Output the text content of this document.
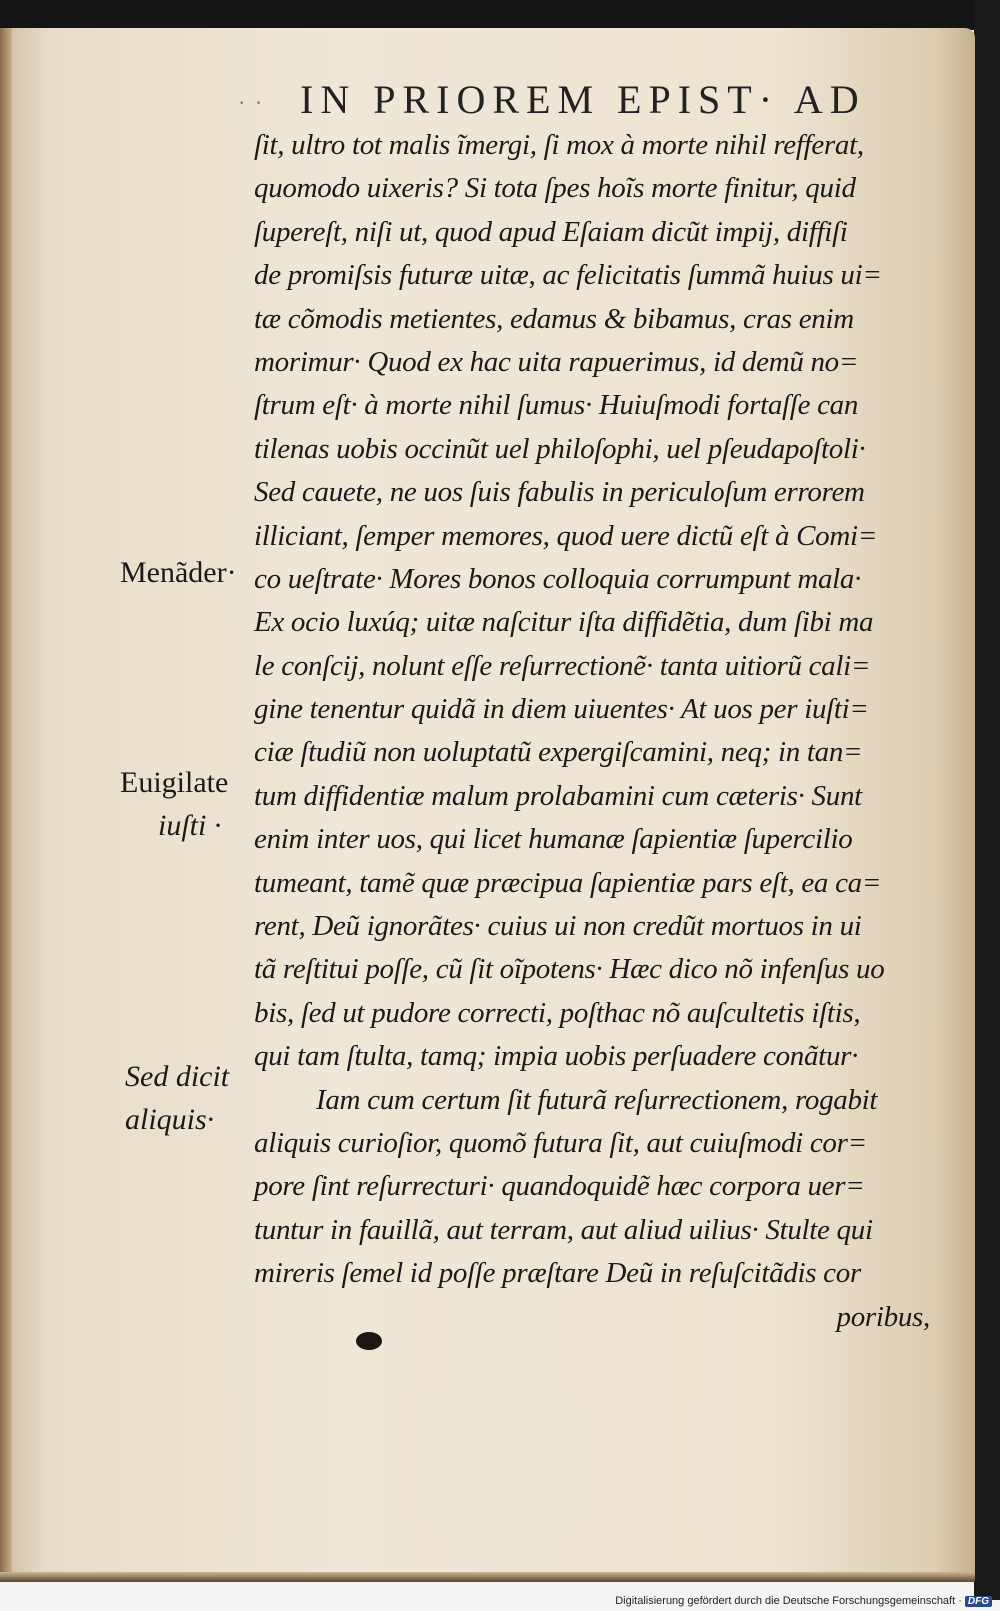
· · IN PRIOREM EPIST· AD
ſit, ultro tot malis ĩmergi, ſi mox à morte nihil refferat,
quomodo uixeris? Si tota ſpes hoĩs morte finitur, quid
ſupereſt, niſi ut, quod apud Eſaiam dicũt impij, diffiſi
de promiſsis futuræ uitæ, ac felicitatis ſummã huius ui=
tæ cõmodis metientes, edamus & bibamus, cras enim
morimur· Quod ex hac uita rapuerimus, id demũ no=
ſtrum eſt· à morte nihil ſumus· Huiuſmodi fortaſſe can
tilenas uobis occinũt uel philoſophi, uel pſeudapoſtoli·
Sed cauete, ne uos ſuis fabulis in periculoſum errorem
illiciant, ſemper memores, quod uere dictũ eſt à Comi=
co ueſtrate· Mores bonos colloquia corrumpunt mala·
Ex ocio luxúq; uitæ naſcitur iſta diffidẽtia, dum ſibi ma
le conſcij, nolunt eſſe reſurrectionẽ· tanta uitiorũ cali=
gine tenentur quidã in diem uiuentes· At uos per iuſti=
ciæ ſtudiũ non uoluptatũ expergiſcamini, neq; in tan=
tum diffidentiæ malum prolabamini cum cæteris· Sunt
enim inter uos, qui licet humanæ ſapientiæ ſupercilio
tumeant, tamẽ quæ præcipua ſapientiæ pars eſt, ea ca=
rent, Deũ ignorãtes· cuius ui non credũt mortuos in ui
tã reſtitui poſſe, cũ ſit oĩpotens· Hæc dico nõ infenſus uo
bis, ſed ut pudore correcti, poſthac nõ auſcultetis iſtis,
qui tam ſtulta, tamq; impia uobis perſuadere conãtur·
Iam cum certum ſit futurã reſurrectionem, rogabit
aliquis curioſior, quomõ futura ſit, aut cuiuſmodi cor=
pore ſint reſurrecturi· quandoquidẽ hæc corpora uer=
tuntur in fauillã, aut terram, aut aliud uilius· Stulte qui
mireris ſemel id poſſe præſtare Deũ in reſuſcitãdis cor
poribus,
Menãder·
Euigilate
iuſti ·
Sed dicit
aliquis·
Digitalisierung gefördert durch die Deutsche Forschungsgemeinschaft · DFG
